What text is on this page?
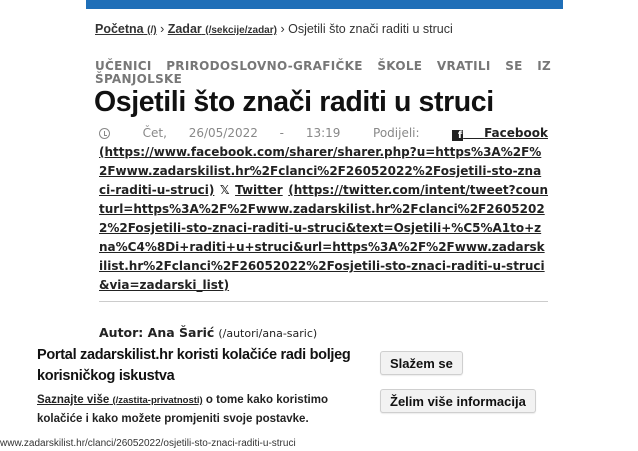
Početna (/) › Zadar (/sekcije/zadar) › Osjetili što znači raditi u struci
UČENICI PRIRODOSLOVNO-GRAFIČKE ŠKOLE VRATILI SE IZ ŠPANJOLSKE
Osjetili što znači raditi u struci
Čet, 26/05/2022 - 13:19	Podijeli:	f Facebook
(https://www.facebook.com/sharer/sharer.php?u=https%3A%2F%2Fwww.zadarskilist.hr%2Fclanci%2F26052022%2Fosjetili-sto-znaci-raditi-u-struci) 𝕏 Twitter (https://twitter.com/intent/tweet?counturl=https%3A%2F%2Fwww.zadarskilist.hr%2Fclanci%2F26052022%2Fosjetili-sto-znaci-raditi-u-struci&text=Osjetili+%C5%A1to+zna%C4%8Di+raditi+u+struci&url=https%3A%2F%2Fwww.zadarskilist.hr%2Fclanci%2F26052022%2Fosjetili-sto-znaci-raditi-u-struci&via=zadarski_list)
Autor: Ana Šarić (/autori/ana-saric)
Portal zadarskilist.hr koristi kolačiće radi boljeg korisničkog iskustva
Saznajte više (/zastita-privatnosti) o tome kako koristimo kolačiće i kako možete promjeniti svoje postavke.
Slažem se
Želim više informacija
www.zadarskilist.hr/clanci/26052022/osjetili-sto-znaci-raditi-u-struci
